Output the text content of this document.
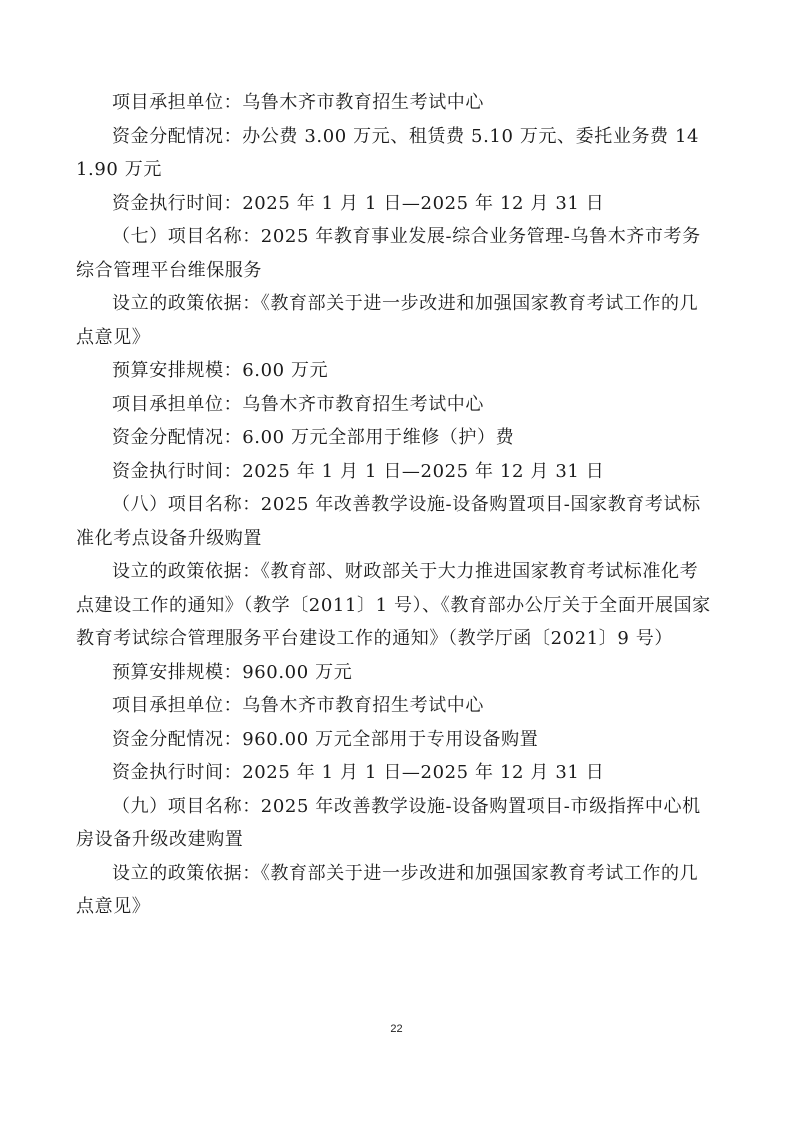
项目承担单位：乌鲁木齐市教育招生考试中心

资金分配情况：办公费 3.00 万元、租赁费 5.10 万元、委托业务费 141.90 万元

资金执行时间：2025 年 1 月 1 日—2025 年 12 月 31 日

（七）项目名称：2025 年教育事业发展-综合业务管理-乌鲁木齐市考务综合管理平台维保服务

设立的政策依据：《教育部关于进一步改进和加强国家教育考试工作的几点意见》

预算安排规模：6.00 万元

项目承担单位：乌鲁木齐市教育招生考试中心

资金分配情况：6.00 万元全部用于维修（护）费

资金执行时间：2025 年 1 月 1 日—2025 年 12 月 31 日

（八）项目名称：2025 年改善教学设施-设备购置项目-国家教育考试标准化考点设备升级购置

设立的政策依据：《教育部、财政部关于大力推进国家教育考试标准化考点建设工作的通知》（教学〔2011〕1 号）、《教育部办公厅关于全面开展国家教育考试综合管理服务平台建设工作的通知》（教学厅函〔2021〕9 号）

预算安排规模：960.00 万元

项目承担单位：乌鲁木齐市教育招生考试中心

资金分配情况：960.00 万元全部用于专用设备购置

资金执行时间：2025 年 1 月 1 日—2025 年 12 月 31 日

（九）项目名称：2025 年改善教学设施-设备购置项目-市级指挥中心机房设备升级改建购置

设立的政策依据：《教育部关于进一步改进和加强国家教育考试工作的几点意见》

22
